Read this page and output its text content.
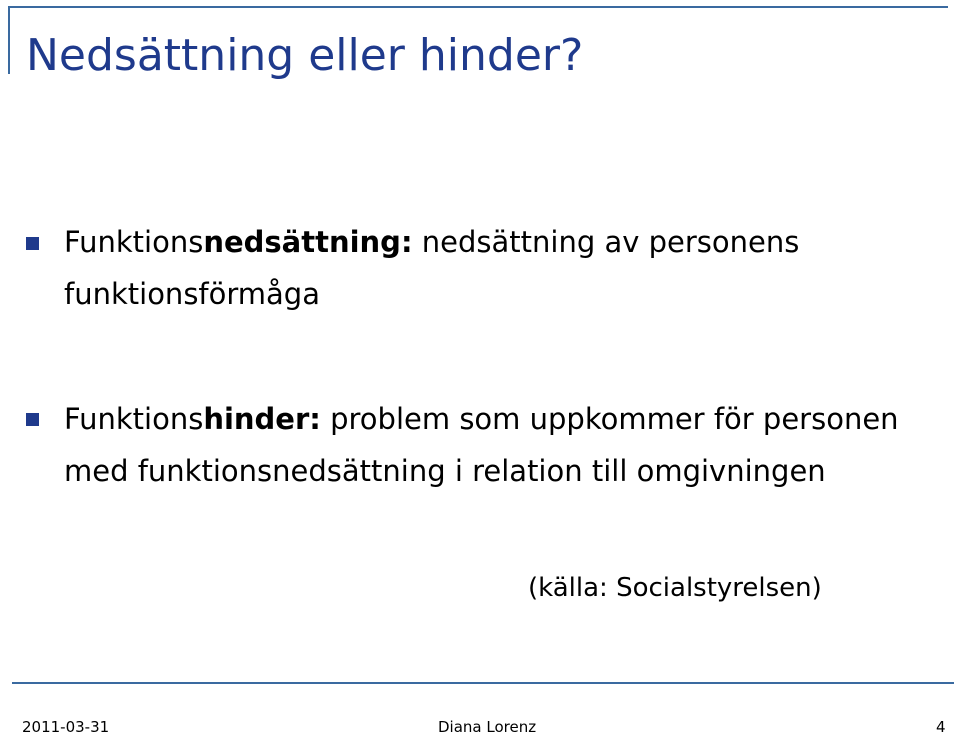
Nedsättning eller hinder?
Funktionsnedsättning: nedsättning av personens funktionsförmåga
Funktionshinder: problem som uppkommer för personen med funktionsnedsättning i relation till omgivningen
(källa: Socialstyrelsen)
2011-03-31	Diana Lorenz	4
